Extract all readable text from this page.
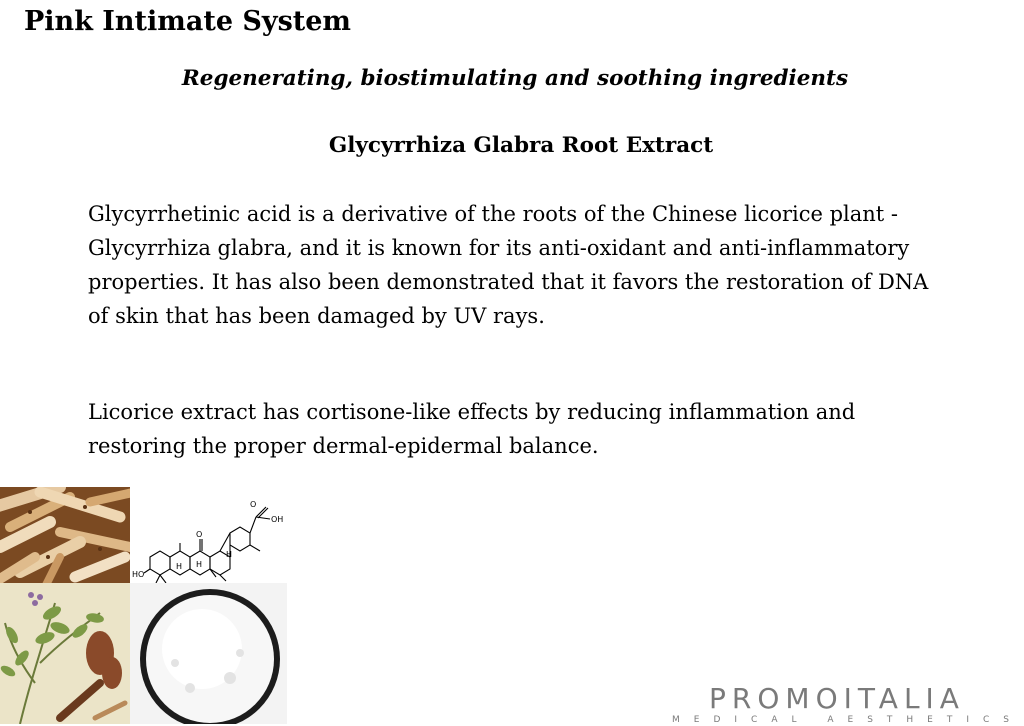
Pink Intimate System
Regenerating, biostimulating and soothing ingredients
Glycyrrhiza Glabra Root Extract

Glycyrrhetinic acid is a derivative of the roots of the Chinese licorice plant - Glycyrrhiza glabra, and it is known for its anti-oxidant and anti-inflammatory properties. It has also been demonstrated that it favors the restoration of DNA of skin that has been damaged by UV rays.

Licorice extract has cortisone-like effects by reducing inflammation and restoring the proper dermal-epidermal balance.

HO
O
OH
O
H H
H
PROMOITALIA
MEDICAL AESTHETICS
